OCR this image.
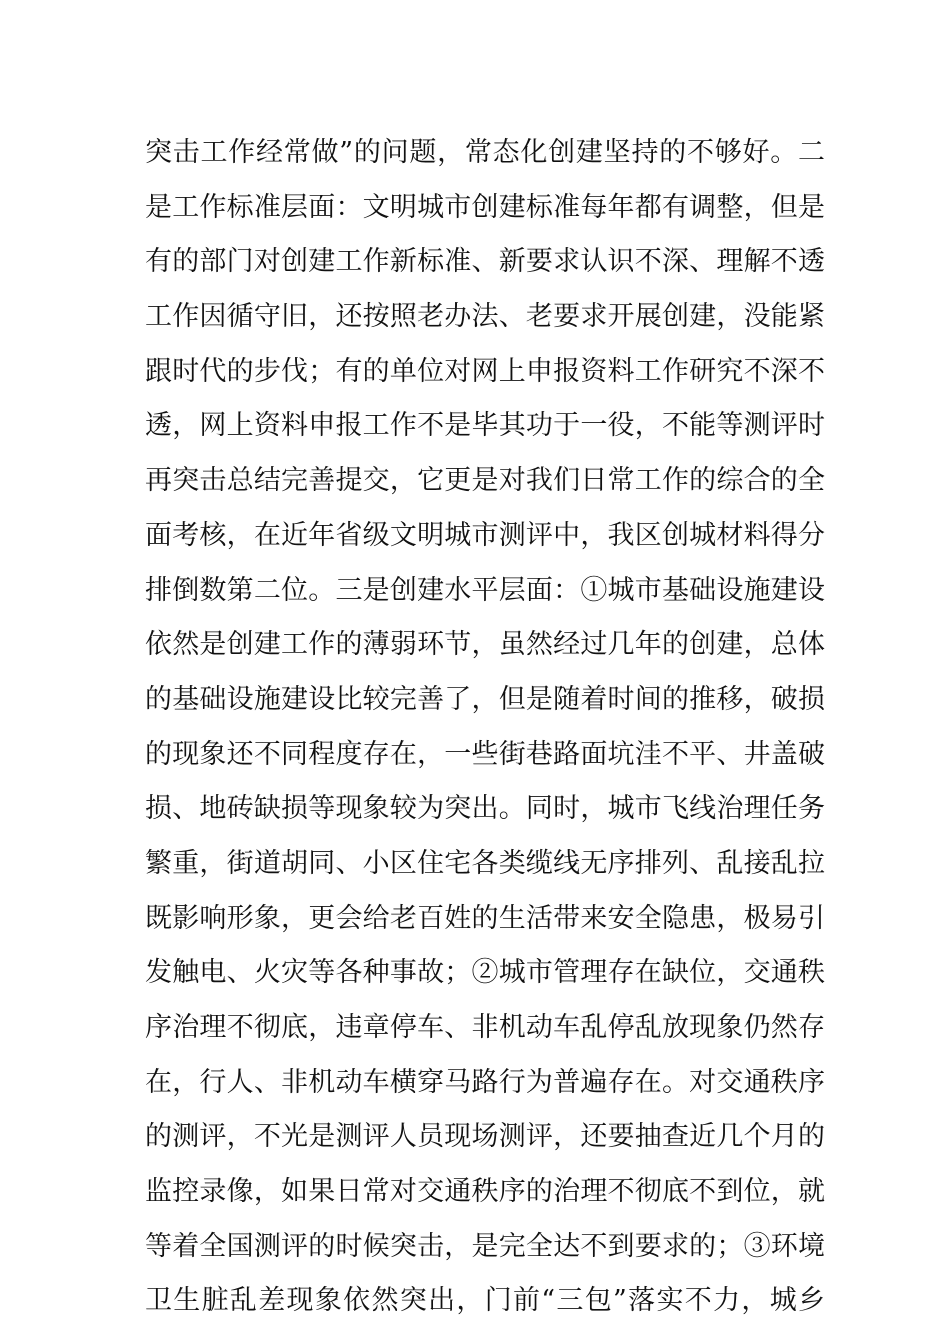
突击工作经常做”的问题，常态化创建坚持的不够好。二
是工作标准层面：文明城市创建标准每年都有调整，但是
有的部门对创建工作新标准、新要求认识不深、理解不透
工作因循守旧，还按照老办法、老要求开展创建，没能紧
跟时代的步伐；有的单位对网上申报资料工作研究不深不
透，网上资料申报工作不是毕其功于一役，不能等测评时
再突击总结完善提交，它更是对我们日常工作的综合的全
面考核，在近年省级文明城市测评中，我区创城材料得分
排倒数第二位。三是创建水平层面：①城市基础设施建设
依然是创建工作的薄弱环节，虽然经过几年的创建，总体
的基础设施建设比较完善了，但是随着时间的推移，破损
的现象还不同程度存在，一些街巷路面坑洼不平、井盖破
损、地砖缺损等现象较为突出。同时，城市飞线治理任务
繁重，街道胡同、小区住宅各类缆线无序排列、乱接乱拉
既影响形象，更会给老百姓的生活带来安全隐患，极易引
发触电、火灾等各种事故；②城市管理存在缺位，交通秩
序治理不彻底，违章停车、非机动车乱停乱放现象仍然存
在，行人、非机动车横穿马路行为普遍存在。对交通秩序
的测评，不光是测评人员现场测评，还要抽查近几个月的
监控录像，如果日常对交通秩序的治理不彻底不到位，就
等着全国测评的时候突击，是完全达不到要求的；③环境
卫生脏乱差现象依然突出，门前“三包”落实不力，城乡
